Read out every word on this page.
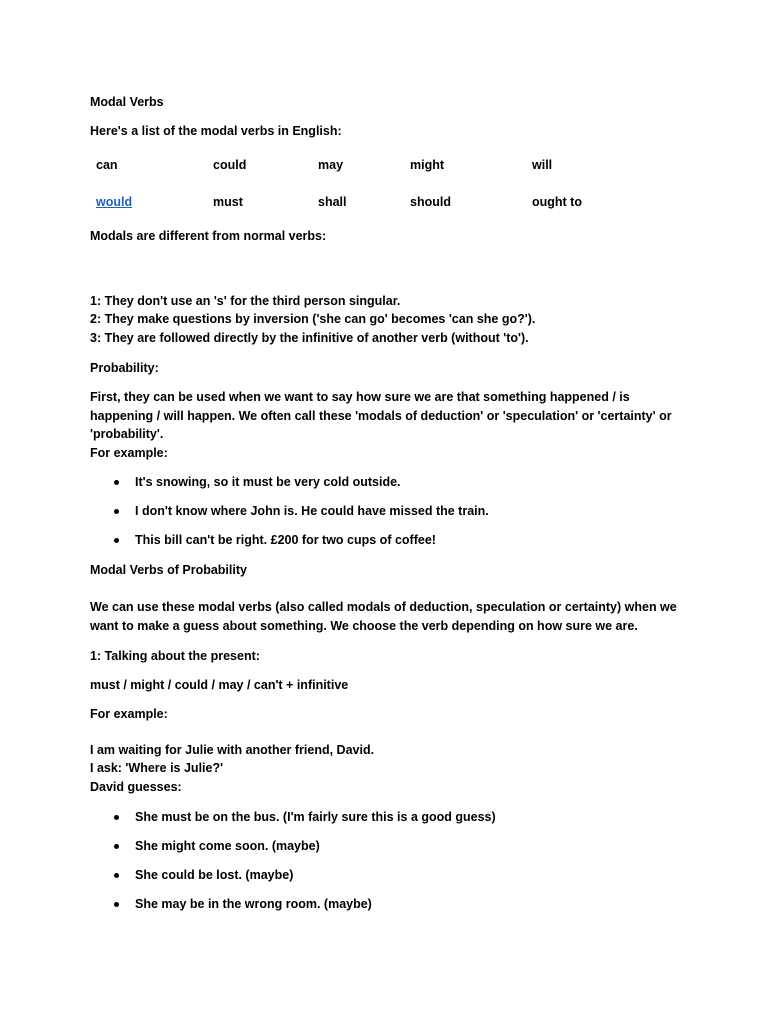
Modal Verbs
Here's a list of the modal verbs in English:
can	could	may	might	will
would	must	shall	should	ought to
Modals are different from normal verbs:
1: They don't use an 's' for the third person singular.
2: They make questions by inversion ('she can go' becomes 'can she go?').
3: They are followed directly by the infinitive of another verb (without 'to').
Probability:
First, they can be used when we want to say how sure we are that something happened / is happening / will happen. We often call these 'modals of deduction' or 'speculation' or 'certainty' or 'probability'.
For example:
It's snowing, so it must be very cold outside.
I don't know where John is. He could have missed the train.
This bill can't be right. £200 for two cups of coffee!
Modal Verbs of Probability
We can use these modal verbs (also called modals of deduction, speculation or certainty) when we want to make a guess about something. We choose the verb depending on how sure we are.
1: Talking about the present:
must / might / could / may / can't + infinitive
For example:
I am waiting for Julie with another friend, David.
I ask: 'Where is Julie?'
David guesses:
She must be on the bus. (I'm fairly sure this is a good guess)
She might come soon. (maybe)
She could be lost. (maybe)
She may be in the wrong room. (maybe)
